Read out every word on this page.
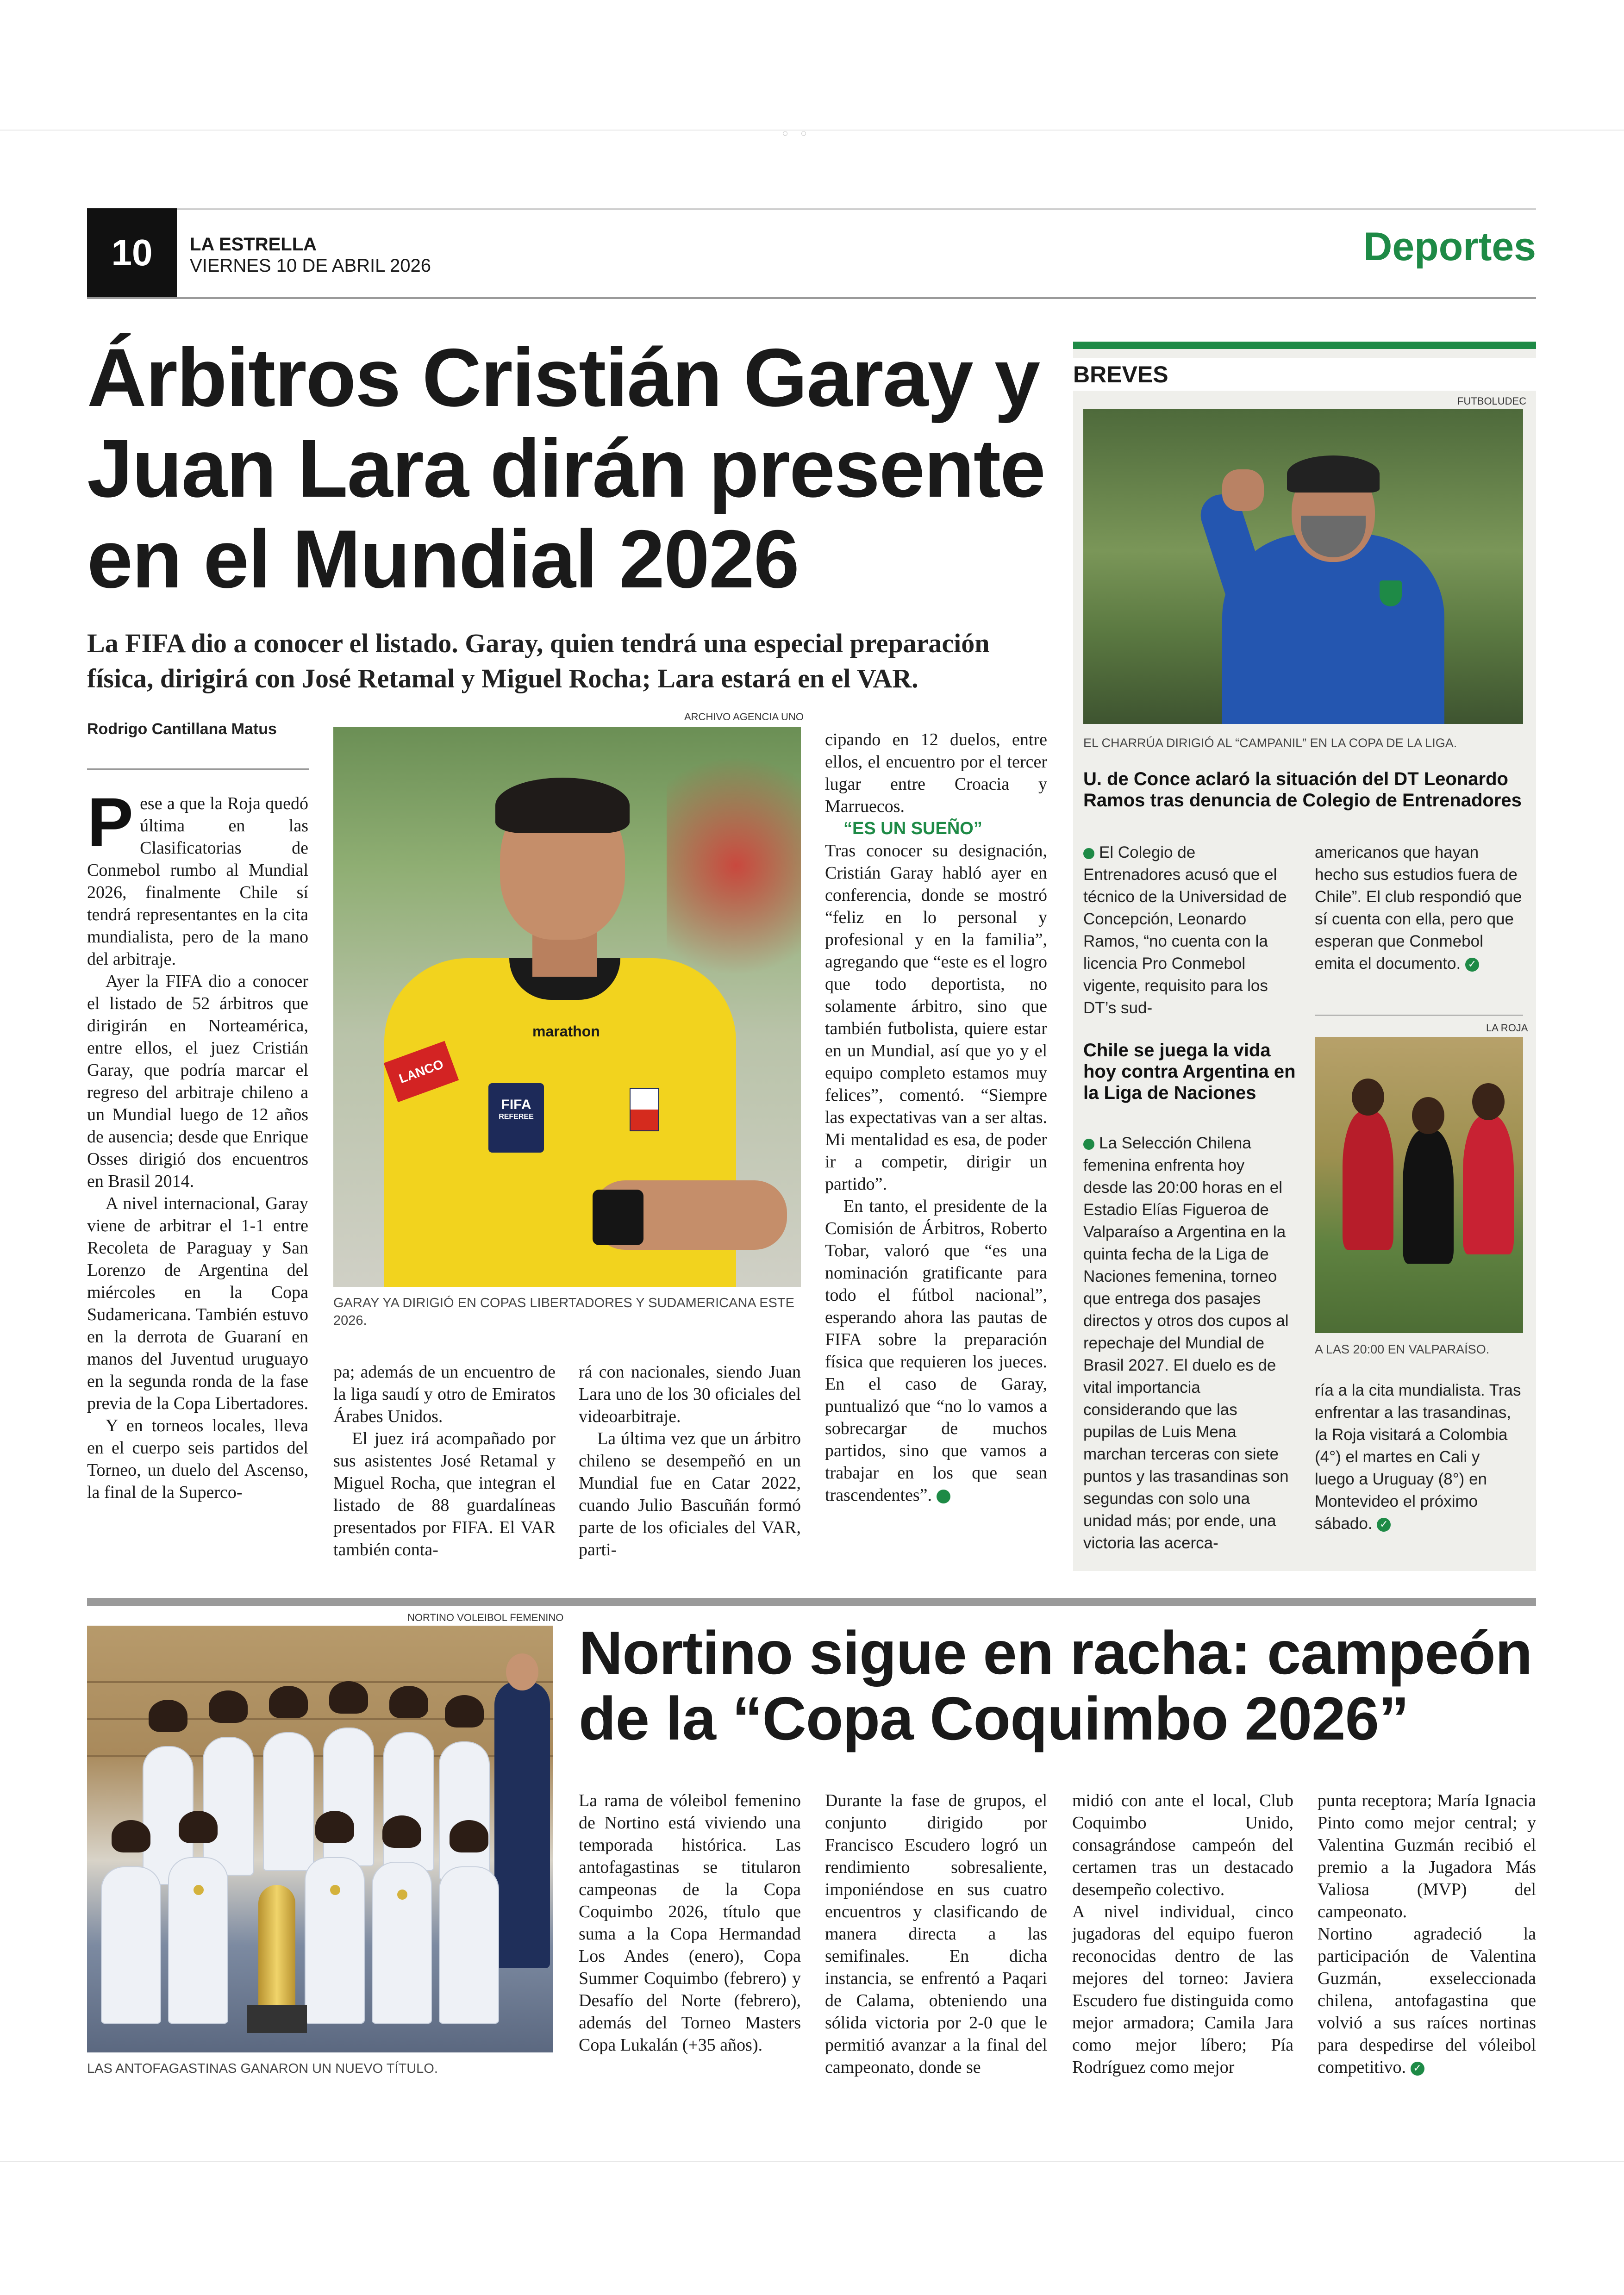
◦◦
10	LA ESTRELLA
VIERNES 10 DE ABRIL 2026	Deportes
Árbitros Cristián Garay y
Juan Lara dirán presente
en el Mundial 2026
La FIFA dio a conocer el listado. Garay, quien tendrá una especial preparación
física, dirigirá con José Retamal y Miguel Rocha; Lara estará en el VAR.
Rodrigo Cantillana Matus

Pese a que la Roja quedó última en las Clasificatorias de Conmebol rumbo al Mundial 2026, finalmente Chile sí tendrá representantes en la cita mundialista, pero de la mano del arbitraje.

Ayer la FIFA dio a conocer el listado de 52 árbitros que dirigirán en Norteamérica, entre ellos, el juez Cristián Garay, que podría marcar el regreso del arbitraje chileno a un Mundial luego de 12 años de ausencia; desde que Enrique Osses dirigió dos encuentros en Brasil 2014.

A nivel internacional, Garay viene de arbitrar el 1-1 entre Recoleta de Paraguay y San Lorenzo de Argentina del miércoles en la Copa Sudamericana. También estuvo en la derrota de Guaraní en manos del Juventud uruguayo en la segunda ronda de la fase previa de la Copa Libertadores.

Y en torneos locales, lleva en el cuerpo seis partidos del Torneo, un duelo del Ascenso, la final de la Superco-

ARCHIVO AGENCIA UNO
marathon
LANCO
FIFA
REFEREE
GARAY YA DIRIGIÓ EN COPAS LIBERTADORES Y SUDAMERICANA ESTE 2026.

pa; además de un encuentro de la liga saudí y otro de Emiratos Árabes Unidos.

El juez irá acompañado por sus asistentes José Retamal y Miguel Rocha, que integran el listado de 88 guardalíneas presentados por FIFA. El VAR también conta-

rá con nacionales, siendo Juan Lara uno de los 30 oficiales del videoarbitraje.

La última vez que un árbitro chileno se desempeñó en un Mundial fue en Catar 2022, cuando Julio Bascuñán formó parte de los oficiales del VAR, parti-

cipando en 12 duelos, entre ellos, el encuentro por el tercer lugar entre Croacia y Marruecos.

“ES UN SUEÑO”

Tras conocer su designación, Cristián Garay habló ayer en conferencia, donde se mostró “feliz en lo personal y profesional y en la familia”, agregando que “este es el logro que todo deportista, no solamente árbitro, sino que también futbolista, quiere estar en un Mundial, así que yo y el equipo completo estamos muy felices”, comentó. “Siempre las expectativas van a ser altas. Mi mentalidad es esa, de poder ir a competir, dirigir un partido”.

En tanto, el presidente de la Comisión de Árbitros, Roberto Tobar, valoró que “es una nominación gratificante para todo el fútbol nacional”, esperando ahora las pautas de FIFA sobre la preparación física que requieren los jueces. En el caso de Garay, puntualizó que “no lo vamos a sobrecargar de muchos partidos, sino que vamos a trabajar en los que sean trascendentes”. ✓

BREVES
FUTBOLUDEC
EL CHARRÚA DIRIGIÓ AL “CAMPANIL” EN LA COPA DE LA LIGA.
U. de Conce aclaró la situación del DT Leonardo Ramos tras denuncia de Colegio de Entrenadores
El Colegio de Entrenadores acusó que el técnico de la Universidad de Concepción, Leonardo Ramos, “no cuenta con la licencia Pro Conmebol vigente, requisito para los DT’s sud-
americanos que hayan hecho sus estudios fuera de Chile”. El club respondió que sí cuenta con ella, pero que esperan que Conmebol emita el documento. ✓
LA ROJA
Chile se juega la vida hoy contra Argentina en la Liga de Naciones
A LAS 20:00 EN VALPARAÍSO.
La Selección Chilena femenina enfrenta hoy desde las 20:00 horas en el Estadio Elías Figueroa de Valparaíso a Argentina en la quinta fecha de la Liga de Naciones femenina, torneo que entrega dos pasajes directos y otros dos cupos al repechaje del Mundial de Brasil 2027. El duelo es de vital importancia considerando que las pupilas de Luis Mena marchan terceras con siete puntos y las trasandinas son segundas con solo una unidad más; por ende, una victoria las acerca-
ría a la cita mundialista. Tras enfrentar a las trasandinas, la Roja visitará a Colombia (4°) el martes en Cali y luego a Uruguay (8°) en Montevideo el próximo sábado. ✓
NORTINO VOLEIBOL FEMENINO
LAS ANTOFAGASTINAS GANARON UN NUEVO TÍTULO.
Nortino sigue en racha: campeón
de la “Copa Coquimbo 2026”

La rama de vóleibol femenino de Nortino está viviendo una temporada histórica. Las antofagastinas se titularon campeonas de la Copa Coquimbo 2026, título que suma a la Copa Hermandad Los Andes (enero), Copa Summer Coquimbo (febrero) y Desafío del Norte (febrero), además del Torneo Masters Copa Lukalán (+35 años).

Durante la fase de grupos, el conjunto dirigido por Francisco Escudero logró un rendimiento sobresaliente, imponiéndose en sus cuatro encuentros y clasificando de manera directa a las semifinales. En dicha instancia, se enfrentó a Paqari de Calama, obteniendo una sólida victoria por 2-0 que le permitió avanzar a la final del campeonato, donde se

midió con ante el local, Club Coquimbo Unido, consagrándose campeón del certamen tras un destacado desempeño colectivo.

A nivel individual, cinco jugadoras del equipo fueron reconocidas dentro de las mejores del torneo: Javiera Escudero fue distinguida como mejor armadora; Camila Jara como mejor líbero; Pía Rodríguez como mejor

punta receptora; María Ignacia Pinto como mejor central; y Valentina Guzmán recibió el premio a la Jugadora Más Valiosa (MVP) del campeonato.

Nortino agradeció la participación de Valentina Guzmán, exseleccionada chilena, antofagastina que volvió a sus raíces nortinas para despedirse del vóleibol competitivo. ✓
